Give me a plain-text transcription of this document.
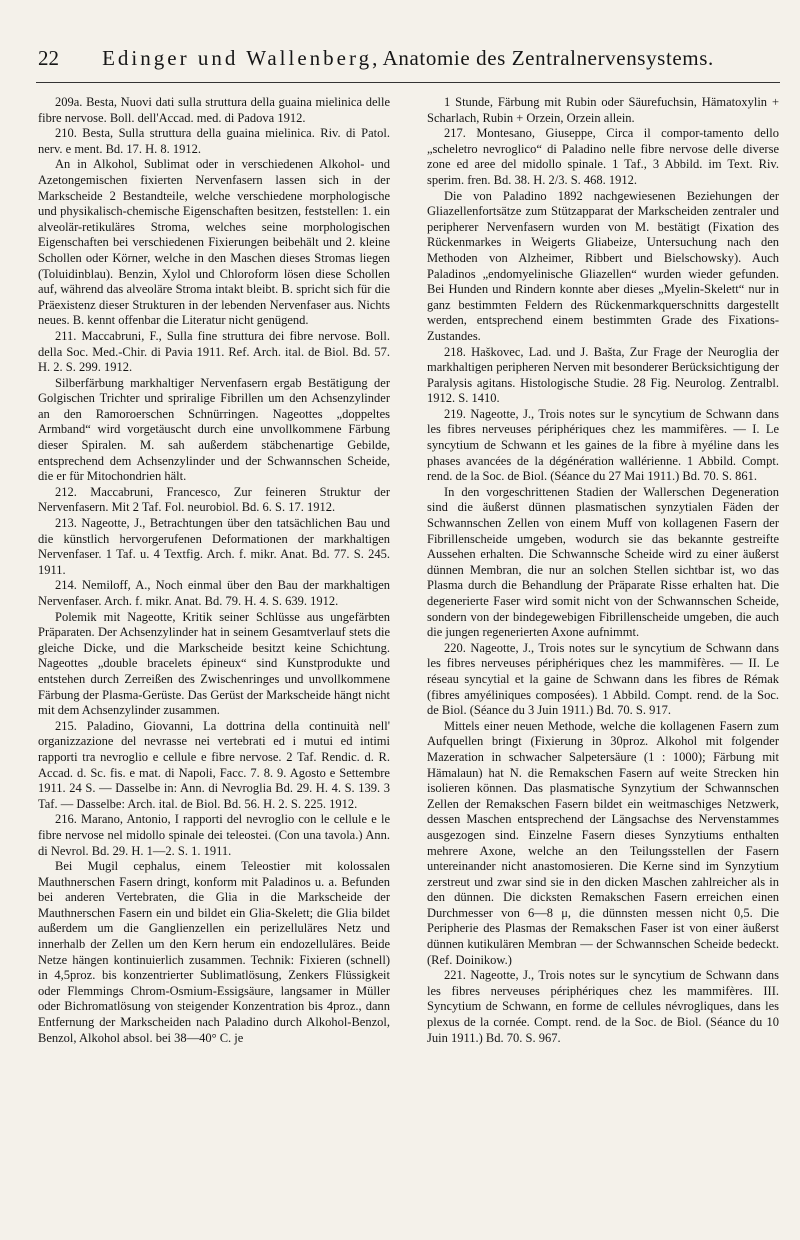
22	Edinger und Wallenberg, Anatomie des Zentralnervensystems.

209a. Besta, Nuovi dati sulla struttura della guaina mielinica delle fibre nervose. Boll. dell'Accad. med. di Padova 1912.

210. Besta, Sulla struttura della guaina mielinica. Riv. di Patol. nerv. e ment. Bd. 17. H. 8. 1912.

An in Alkohol, Sublimat oder in verschiedenen Alkohol- und Azetongemischen fixierten Nervenfasern lassen sich in der Markscheide 2 Bestandteile, welche verschiedene morphologische und physikalisch-chemische Eigenschaften besitzen, feststellen: 1. ein alveolär-retikuläres Stroma, welches seine morphologischen Eigenschaften bei verschiedenen Fixierungen beibehält und 2. kleine Schollen oder Körner, welche in den Maschen dieses Stromas liegen (Toluidinblau). Benzin, Xylol und Chloroform lösen diese Schollen auf, während das alveoläre Stroma intakt bleibt. B. spricht sich für die Präexistenz dieser Strukturen in der lebenden Nervenfaser aus. Nichts neues. B. kennt offenbar die Literatur nicht genügend.

211. Maccabruni, F., Sulla fine struttura dei fibre nervose. Boll. della Soc. Med.-Chir. di Pavia 1911. Ref. Arch. ital. de Biol. Bd. 57. H. 2. S. 299. 1912.

Silberfärbung markhaltiger Nervenfasern ergab Bestätigung der Golgischen Trichter und spriralige Fibrillen um den Achsenzylinder an den Ramoroerschen Schnürringen. Nageottes „doppeltes Armband“ wird vorgetäuscht durch eine unvollkommene Färbung dieser Spiralen. M. sah außerdem stäbchenartige Gebilde, entsprechend dem Achsenzylinder und der Schwannschen Scheide, die er für Mitochondrien hält.

212. Maccabruni, Francesco, Zur feineren Struktur der Nervenfasern. Mit 2 Taf. Fol. neurobiol. Bd. 6. S. 17. 1912.

213. Nageotte, J., Betrachtungen über den tatsächlichen Bau und die künstlich hervorgerufenen Deformationen der markhaltigen Nervenfaser. 1 Taf. u. 4 Textfig. Arch. f. mikr. Anat. Bd. 77. S. 245. 1911.

214. Nemiloff, A., Noch einmal über den Bau der markhaltigen Nervenfaser. Arch. f. mikr. Anat. Bd. 79. H. 4. S. 639. 1912.

Polemik mit Nageotte, Kritik seiner Schlüsse aus ungefärbten Präparaten. Der Achsenzylinder hat in seinem Gesamtverlauf stets die gleiche Dicke, und die Markscheide besitzt keine Schichtung. Nageottes „double bracelets épineux“ sind Kunstprodukte und entstehen durch Zerreißen des Zwischenringes und unvollkommene Färbung der Plasma-Gerüste. Das Gerüst der Markscheide hängt nicht mit dem Achsenzylinder zusammen.

215. Paladino, Giovanni, La dottrina della continuità nell' organizzazione del nevrasse nei vertebrati ed i mutui ed intimi rapporti tra nevroglio e cellule e fibre nervose. 2 Taf. Rendic. d. R. Accad. d. Sc. fis. e mat. di Napoli, Facc. 7. 8. 9. Agosto e Settembre 1911. 24 S. — Dasselbe in: Ann. di Nevroglia Bd. 29. H. 4. S. 139. 3 Taf. — Dasselbe: Arch. ital. de Biol. Bd. 56. H. 2. S. 225. 1912.

216. Marano, Antonio, I rapporti del nevroglio con le cellule e le fibre nervose nel midollo spinale dei teleostei. (Con una tavola.) Ann. di Nevrol. Bd. 29. H. 1—2. S. 1. 1911.

Bei Mugil cephalus, einem Teleostier mit kolossalen Mauthnerschen Fasern dringt, konform mit Paladinos u. a. Befunden bei anderen Vertebraten, die Glia in die Markscheide der Mauthnerschen Fasern ein und bildet ein Glia-Skelett; die Glia bildet außerdem um die Ganglienzellen ein perizelluläres Netz und innerhalb der Zellen um den Kern herum ein endozelluläres. Beide Netze hängen kontinuierlich zusammen. Technik: Fixieren (schnell) in 4,5proz. bis konzentrierter Sublimatlösung, Zenkers Flüssigkeit oder Flemmings Chrom-Osmium-Essigsäure, langsamer in Müller oder Bichromatlösung von steigender Konzentration bis 4proz., dann Entfernung der Markscheiden nach Paladino durch Alkohol-Benzol, Benzol, Alkohol absol. bei 38—40° C. je

1 Stunde, Färbung mit Rubin oder Säurefuchsin, Hämatoxylin + Scharlach, Rubin + Orzein, Orzein allein.

217. Montesano, Giuseppe, Circa il compor-tamento dello „scheletro nevroglico“ di Paladino nelle fibre nervose delle diverse zone ed aree del midollo spinale. 1 Taf., 3 Abbild. im Text. Riv. sperim. fren. Bd. 38. H. 2/3. S. 468. 1912.

Die von Paladino 1892 nachgewiesenen Beziehungen der Gliazellenfortsätze zum Stützapparat der Markscheiden zentraler und peripherer Nervenfasern wurden von M. bestätigt (Fixation des Rückenmarkes in Weigerts Gliabeize, Untersuchung nach den Methoden von Alzheimer, Ribbert und Bielschowsky). Auch Paladinos „endomyelinische Gliazellen“ wurden wieder gefunden. Bei Hunden und Rindern konnte aber dieses „Myelin-Skelett“ nur in ganz bestimmten Feldern des Rückenmarkquerschnitts dargestellt werden, entsprechend einem bestimmten Grade des Fixations-Zustandes.

218. Haškovec, Lad. und J. Bašta, Zur Frage der Neuroglia der markhaltigen peripheren Nerven mit besonderer Berücksichtigung der Paralysis agitans. Histologische Studie. 28 Fig. Neurolog. Zentralbl. 1912. S. 1410.

219. Nageotte, J., Trois notes sur le syncytium de Schwann dans les fibres nerveuses périphériques chez les mammifères. — I. Le syncytium de Schwann et les gaines de la fibre à myéline dans les phases avancées de la dégénération wallérienne. 1 Abbild. Compt. rend. de la Soc. de Biol. (Séance du 27 Mai 1911.) Bd. 70. S. 861.

In den vorgeschrittenen Stadien der Wallerschen Degeneration sind die äußerst dünnen plasmatischen synzytialen Fäden der Schwannschen Zellen von einem Muff von kollagenen Fasern der Fibrillenscheide umgeben, wodurch sie das bekannte gestreifte Aussehen erhalten. Die Schwannsche Scheide wird zu einer äußerst dünnen Membran, die nur an solchen Stellen sichtbar ist, wo das Plasma durch die Behandlung der Präparate Risse erhalten hat. Die degenerierte Faser wird somit nicht von der Schwannschen Scheide, sondern von der bindegewebigen Fibrillenscheide umgeben, die auch die jungen regenerierten Axone aufnimmt.

220. Nageotte, J., Trois notes sur le syncytium de Schwann dans les fibres nerveuses périphériques chez les mammifères. — II. Le réseau syncytial et la gaine de Schwann dans les fibres de Rémak (fibres amyéliniques composées). 1 Abbild. Compt. rend. de la Soc. de Biol. (Séance du 3 Juin 1911.) Bd. 70. S. 917.

Mittels einer neuen Methode, welche die kollagenen Fasern zum Aufquellen bringt (Fixierung in 30proz. Alkohol mit folgender Mazeration in schwacher Salpetersäure (1 : 1000); Färbung mit Hämalaun) hat N. die Remakschen Fasern auf weite Strecken hin isolieren können. Das plasmatische Synzytium der Schwannschen Zellen der Remakschen Fasern bildet ein weitmaschiges Netzwerk, dessen Maschen entsprechend der Längsachse des Nervenstammes ausgezogen sind. Einzelne Fasern dieses Synzytiums enthalten mehrere Axone, welche an den Teilungsstellen der Fasern untereinander nicht anastomosieren. Die Kerne sind im Synzytium zerstreut und zwar sind sie in den dicken Maschen zahlreicher als in den dünnen. Die dicksten Remakschen Fasern erreichen einen Durchmesser von 6—8 μ, die dünnsten messen nicht 0,5. Die Peripherie des Plasmas der Remakschen Faser ist von einer äußerst dünnen kutikulären Membran — der Schwannschen Scheide bedeckt. (Ref. Doinikow.)

221. Nageotte, J., Trois notes sur le syncytium de Schwann dans les fibres nerveuses périphériques chez les mammifères. III. Syncytium de Schwann, en forme de cellules névrogliques, dans les plexus de la cornée. Compt. rend. de la Soc. de Biol. (Séance du 10 Juin 1911.) Bd. 70. S. 967.
